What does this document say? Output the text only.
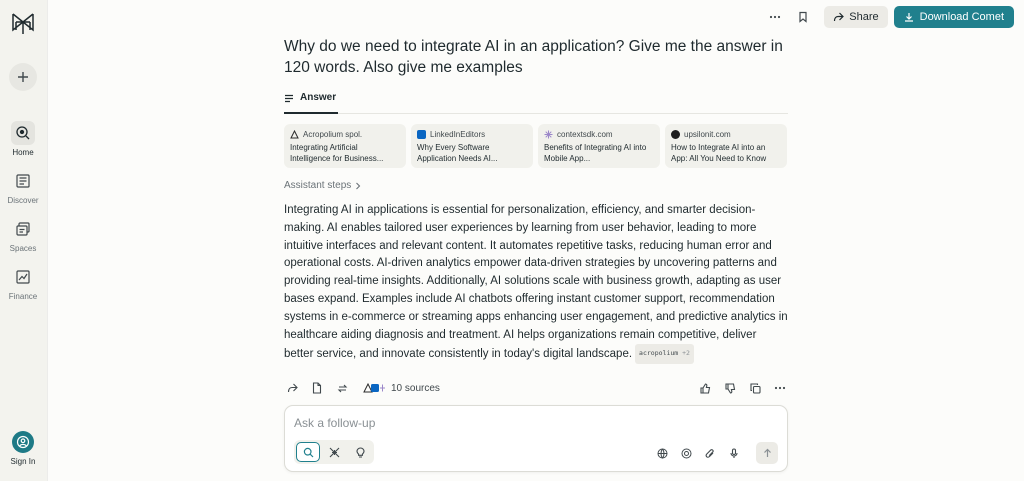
Home
Discover
Spaces
Finance
Sign In
Share	Download Comet
Why do we need to integrate AI in an application? Give me the answer in 120 words. Also give me examples
Answer
Acropolium spol.
Integrating Artificial Intelligence for Business...
LinkedInEditors
Why Every Software Application Needs AI...
contextsdk.com
Benefits of Integrating AI into Mobile App...
upsilonit.com
How to Integrate AI into an App: All You Need to Know
Assistant steps

Integrating AI in applications is essential for personalization, efficiency, and smarter decision-making. AI enables tailored user experiences by learning from user behavior, leading to more intuitive interfaces and relevant content. It automates repetitive tasks, reducing human error and operational costs. AI-driven analytics empower data-driven strategies by uncovering patterns and providing real-time insights. Additionally, AI solutions scale with business growth, adapting as user bases expand. Examples include AI chatbots offering instant customer support, recommendation systems in e-commerce or streaming apps enhancing user engagement, and predictive analytics in healthcare aiding diagnosis and treatment. AI helps organizations remain competitive, deliver better service, and innovate consistently in today's digital landscape. acropolium +2

10 sources
Ask a follow-up
